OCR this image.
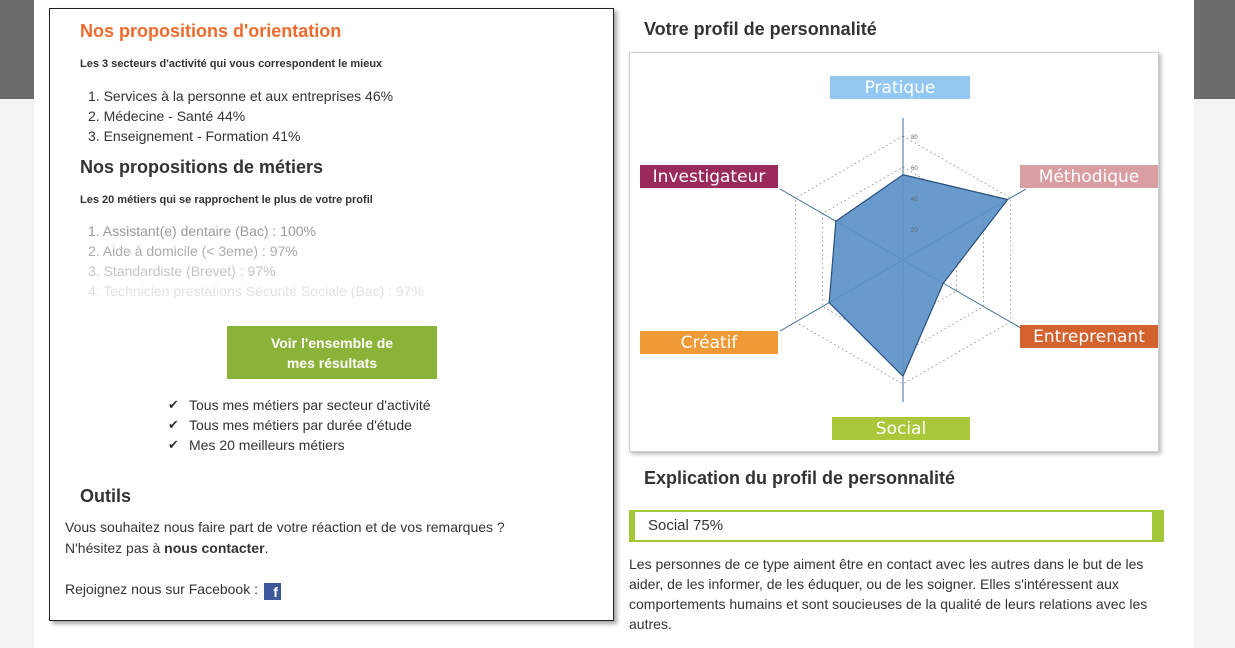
Nos propositions d'orientation
Les 3 secteurs d'activité qui vous correspondent le mieux
1. Services à la personne et aux entreprises 46%
2. Médecine - Santé 44%
3. Enseignement - Formation 41%
Nos propositions de métiers
Les 20 métiers qui se rapprochent le plus de votre profil
1. Assistant(e) dentaire (Bac) : 100%
2. Aide à domicile (< 3eme) : 97%
3. Standardiste (Brevet) : 97%
4. Technicien prestations Sécurité Sociale (Bac) : 97%
Voir l'ensemble de
mes résultats
✔ Tous mes métiers par secteur d'activité
✔ Tous mes métiers par durée d'étude
✔ Mes 20 meilleurs métiers
Outils
Vous souhaitez nous faire part de votre réaction et de vos remarques ?
N'hésitez pas à nous contacter.
Rejoignez nous sur Facebook : f
Votre profil de personnalité
20
40
60
80
Pratique
Méthodique
Entreprenant
Social
Créatif
Investigateur
Explication du profil de personnalité
Social 75%
Les personnes de ce type aiment être en contact avec les autres dans le but de les aider, de les informer, de les éduquer, ou de les soigner. Elles s'intéressent aux comportements humains et sont soucieuses de la qualité de leurs relations avec les autres.
